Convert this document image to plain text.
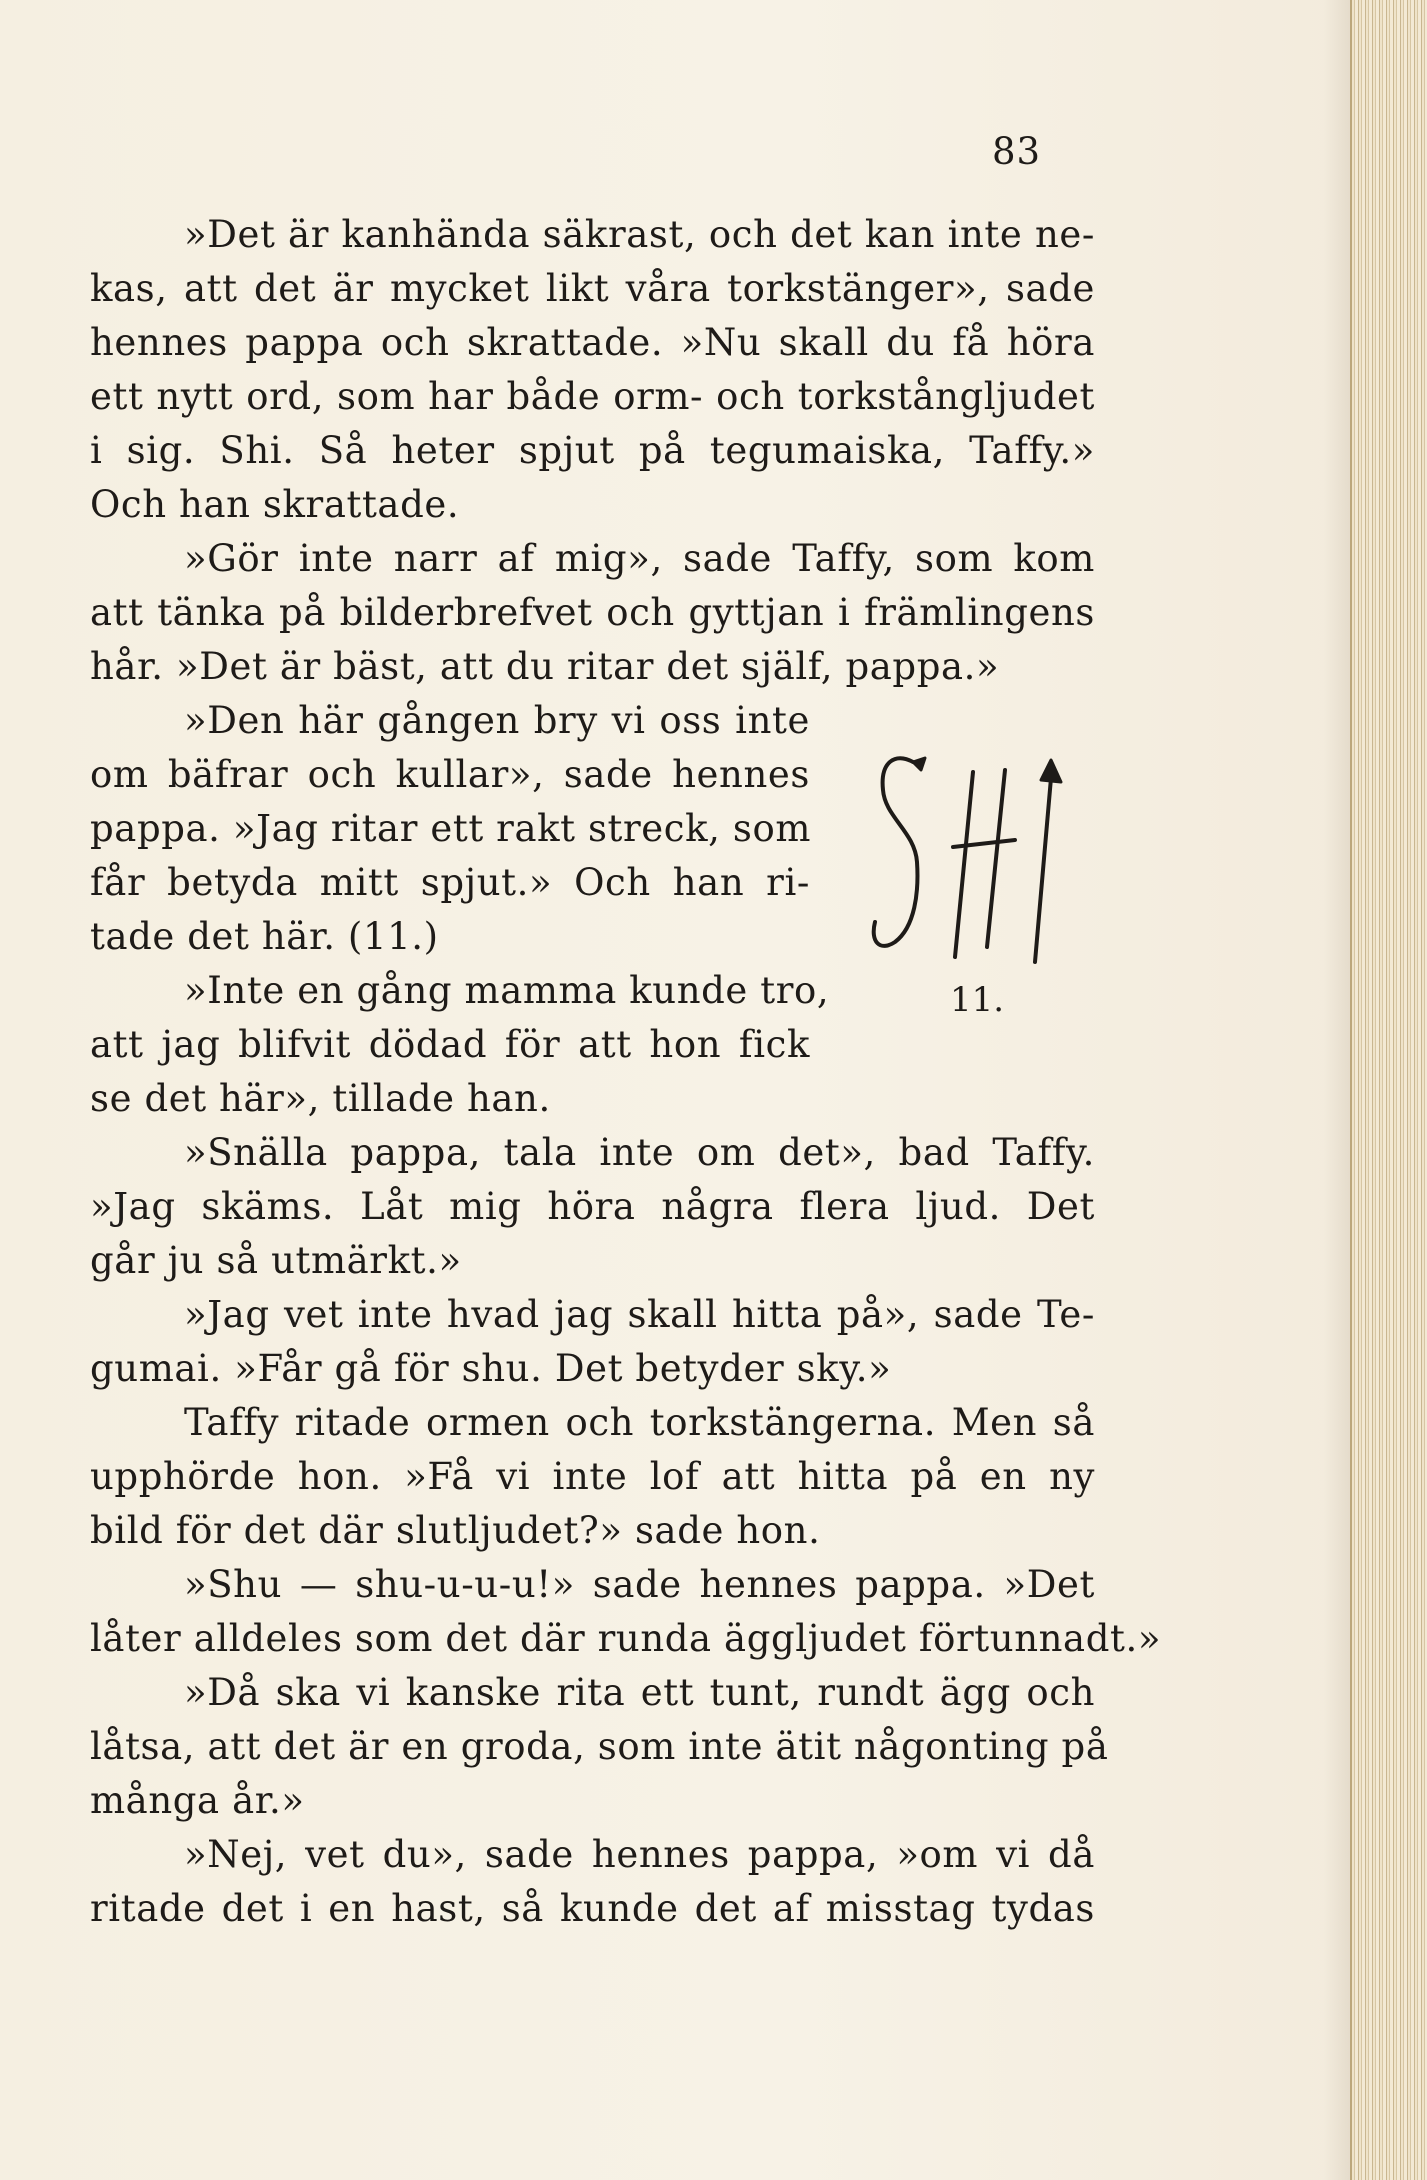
83
»Det är kanhända säkrast, och det kan inte ne-
kas, att det är mycket likt våra torkstänger», sade
hennes pappa och skrattade. »Nu skall du få höra
ett nytt ord, som har både orm- och torkstångljudet
i sig. Shi. Så heter spjut på tegumaiska, Taffy.»
Och han skrattade.
»Gör inte narr af mig», sade Taffy, som kom
att tänka på bilderbrefvet och gyttjan i främlingens
hår. »Det är bäst, att du ritar det själf, pappa.»
»Den här gången bry vi oss inte
om bäfrar och kullar», sade hennes
pappa. »Jag ritar ett rakt streck, som
får betyda mitt spjut.» Och han ri-
tade det här. (11.)
»Inte en gång mamma kunde tro,
att jag blifvit dödad för att hon fick
se det här», tillade han.
»Snälla pappa, tala inte om det», bad Taffy.
»Jag skäms. Låt mig höra några flera ljud. Det
går ju så utmärkt.»
»Jag vet inte hvad jag skall hitta på», sade Te-
gumai. »Får gå för shu. Det betyder sky.»
Taffy ritade ormen och torkstängerna. Men så
upphörde hon. »Få vi inte lof att hitta på en ny
bild för det där slutljudet?» sade hon.
»Shu — shu-u-u-u!» sade hennes pappa. »Det
låter alldeles som det där runda äggljudet förtunnadt.»
»Då ska vi kanske rita ett tunt, rundt ägg och
låtsa, att det är en groda, som inte ätit någonting på
många år.»
»Nej, vet du», sade hennes pappa, »om vi då
ritade det i en hast, så kunde det af misstag tydas
11.
